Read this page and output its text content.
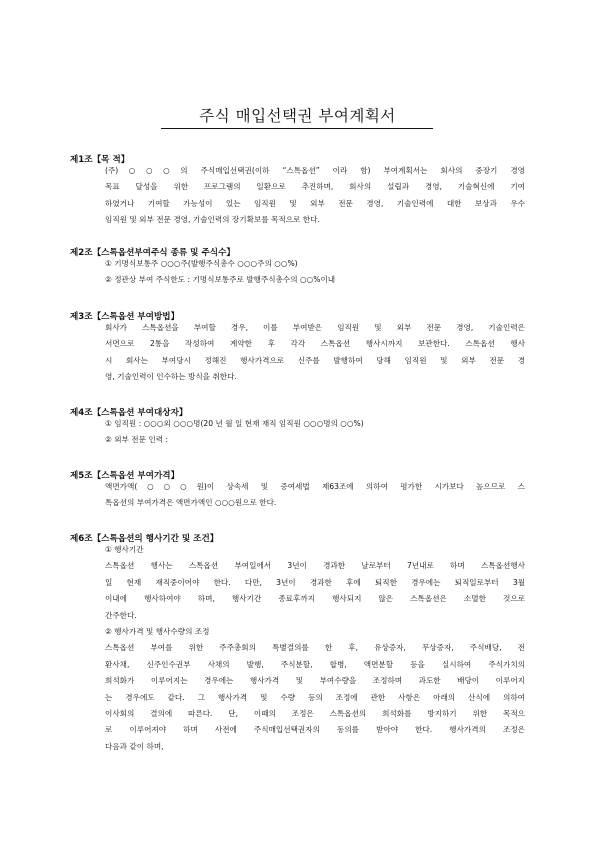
주식 매입선택권 부여계획서
제1조【목 적】
(주)○○○의 주식매입선택권(이하 “스톡옵션” 이라 함) 부여계획서는 회사의 중장기 경영
목표 달성을 위한 프로그램의 일환으로 추진하며, 회사의 설립과 경영, 기술혁신에 기여
하였거나 기여할 가능성이 있는 임직원 및 외부 전문 경영, 기술인력에 대한 보상과 우수
임직원 및 외부 전문 경영, 기술인력의 장기확보를 목적으로 한다.
제2조【스톡옵션부여주식 종류 및 주식수】
① 기명식보통주 ○○○주(발행주식총수 ○○○주의 ○○%)
② 정관상 부여 주식한도 : 기명식보통주로 발행주식총수의 ○○%이내
제3조【스톡옵션 부여방법】
회사가 스톡옵션을 부여할 경우, 이를 부여받은 임직원 및 외부 전문 경영, 기술인력은
서면으로 2통을 작성하여 계약한 후 각각 스톡옵션 행사시까지 보관한다. 스톡옵션 행사
시 회사는 부여당시 정해진 행사가격으로 신주를 발행하여 당해 임직원 및 외부 전문 경
영, 기술인력이 인수하는 방식을 취한다.
제4조【스톡옵션 부여대상자】
① 임직원 : ○○○외 ○○○명(20 년 월 일 현재 재직 임직원 ○○○명의 ○○%)
② 외부 전문 인력 :
제5조【스톡옵션 부여가격】
액면가액(○○○원)이 상속세 및 증여세법 제63조에 의하여 평가한 시가보다 높으므로 스
톡옵션의 부여가격은 액면가액인 ○○○원으로 한다.
제6조【스톡옵션의 행사기간 및 조건】
① 행사기간
스톡옵션 행사는 스톡옵션 부여일에서 3년이 경과한 날로부터 7년내로 하며 스톡옵션행사
일 현재 재직중이어야 한다. 다만, 3년이 경과한 후에 퇴직한 경우에는 퇴직일로부터 3월
이내에 행사하여야 하며, 행사기간 종료후까지 행사되지 않은 스톡옵션은 소멸한 것으로
간주한다.
② 행사가격 및 행사수량의 조정
스톡옵션 부여를 위한 주주총회의 특별결의를 한 후, 유상증자, 무상증자, 주식배당, 전
환사채, 신주인수권부 사채의 발행, 주식분할, 합병, 액면분할 등을 실시하여 주식가치의
희석화가 이루어지는 경우에는 행사가격 및 부여수량을 조정하며 과도한 배당이 이루어지
는 경우에도 같다. 그 행사가격 및 수량 등의 조정에 관한 사항은 아래의 산식에 의하여
이사회의 결의에 따른다. 단, 이때의 조정은 스톡옵션의 희석화를 방지하기 위한 목적으
로 이루어져야 하며 사전에 주식매입선택권자의 동의를 받아야 한다. 행사가격의 조정은
다음과 같이 하며,
